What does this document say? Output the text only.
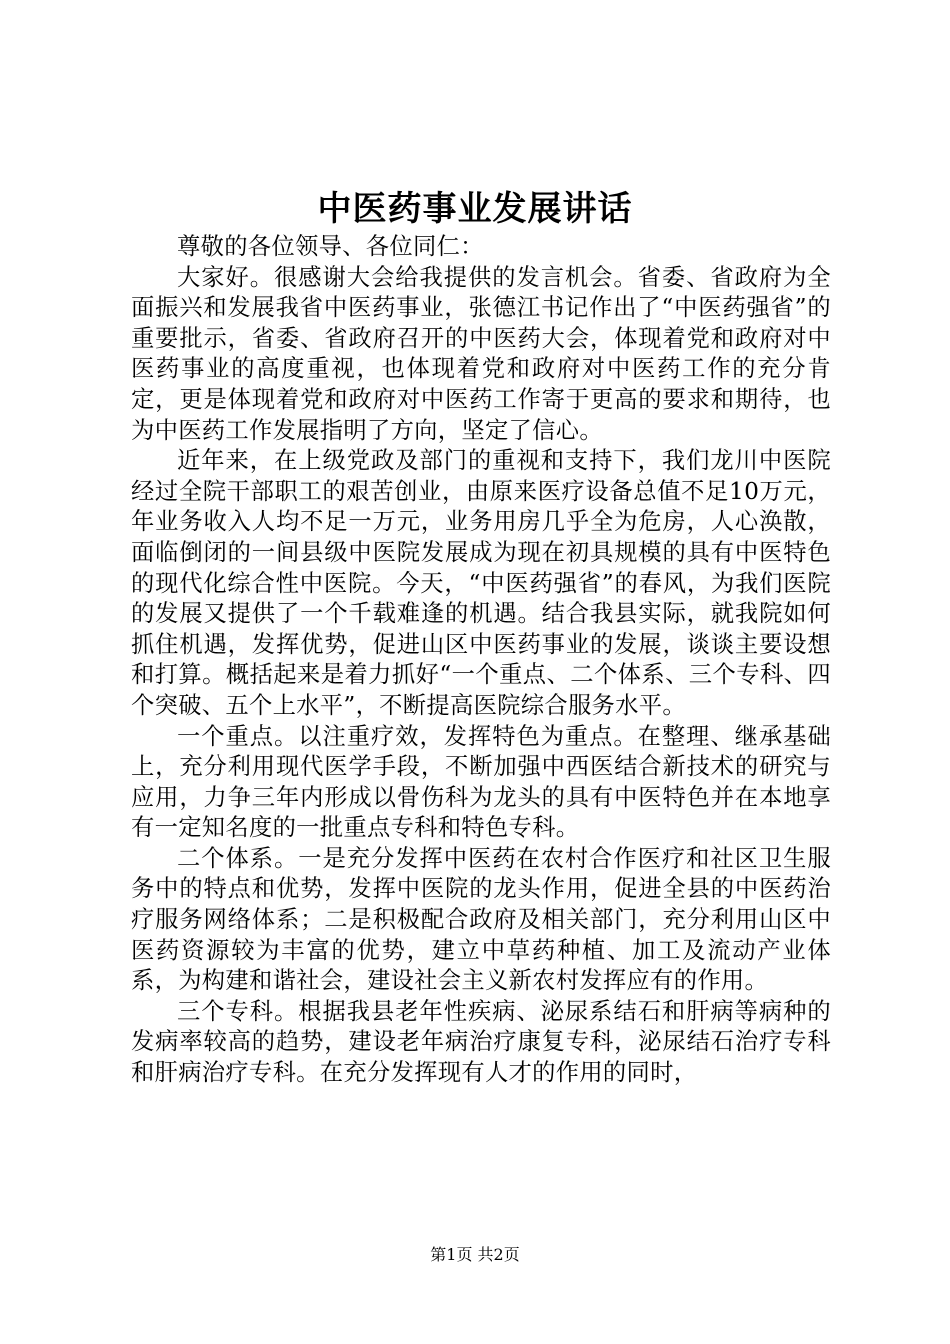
中医药事业发展讲话

尊敬的各位领导、各位同仁：

大家好。很感谢大会给我提供的发言机会。省委、省政府为全面振兴和发展我省中医药事业，张德江书记作出了“中医药强省”的重要批示，省委、省政府召开的中医药大会，体现着党和政府对中医药事业的高度重视，也体现着党和政府对中医药工作的充分肯定，更是体现着党和政府对中医药工作寄于更高的要求和期待，也为中医药工作发展指明了方向，坚定了信心。

近年来，在上级党政及部门的重视和支持下，我们龙川中医院经过全院干部职工的艰苦创业，由原来医疗设备总值不足10万元，年业务收入人均不足一万元，业务用房几乎全为危房，人心涣散，面临倒闭的一间县级中医院发展成为现在初具规模的具有中医特色的现代化综合性中医院。今天，“中医药强省”的春风，为我们医院的发展又提供了一个千载难逢的机遇。结合我县实际，就我院如何抓住机遇，发挥优势，促进山区中医药事业的发展，谈谈主要设想和打算。概括起来是着力抓好“一个重点、二个体系、三个专科、四个突破、五个上水平”，不断提高医院综合服务水平。

一个重点。以注重疗效，发挥特色为重点。在整理、继承基础上，充分利用现代医学手段，不断加强中西医结合新技术的研究与应用，力争三年内形成以骨伤科为龙头的具有中医特色并在本地享有一定知名度的一批重点专科和特色专科。

二个体系。一是充分发挥中医药在农村合作医疗和社区卫生服务中的特点和优势，发挥中医院的龙头作用，促进全县的中医药治疗服务网络体系；二是积极配合政府及相关部门，充分利用山区中医药资源较为丰富的优势，建立中草药种植、加工及流动产业体系，为构建和谐社会，建设社会主义新农村发挥应有的作用。

三个专科。根据我县老年性疾病、泌尿系结石和肝病等病种的发病率较高的趋势，建设老年病治疗康复专科，泌尿结石治疗专科和肝病治疗专科。在充分发挥现有人才的作用的同时，

第1页 共2页
